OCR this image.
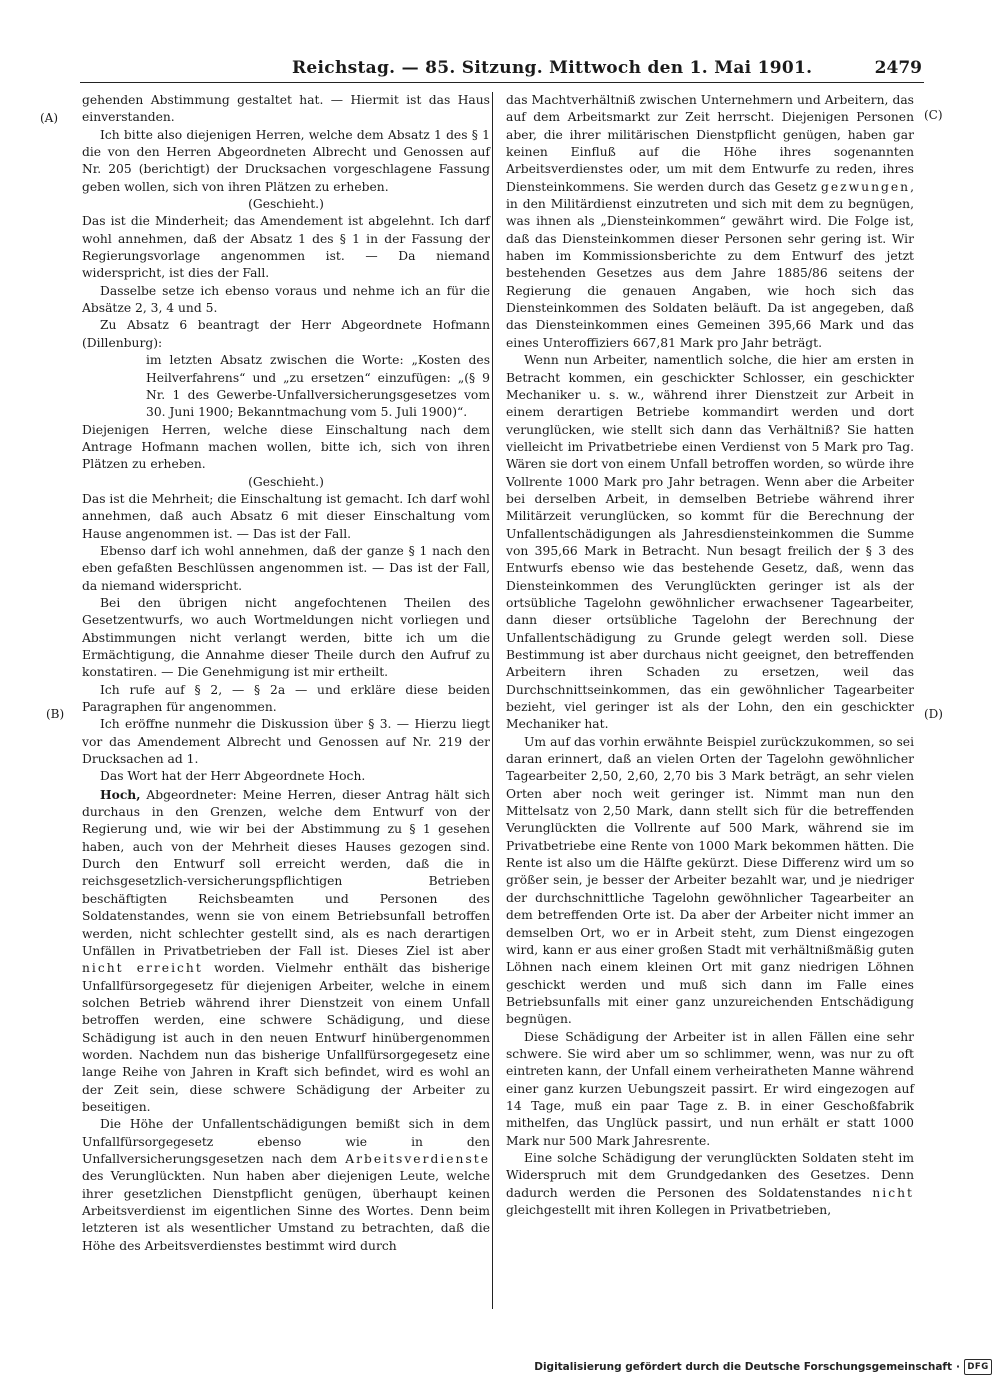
Reichstag. — 85. Sitzung. Mittwoch den 1. Mai 1901.	2479
(A)
(B)
(C)
(D)

gehenden Abstimmung gestaltet hat. — Hiermit ist das Haus einverstanden.

Ich bitte also diejenigen Herren, welche dem Absatz 1 des § 1 die von den Herren Abgeordneten Albrecht und Genossen auf Nr. 205 (berichtigt) der Drucksachen vorgeschlagene Fassung geben wollen, sich von ihren Plätzen zu erheben.

(Geschieht.)

Das ist die Minderheit; das Amendement ist abgelehnt. Ich darf wohl annehmen, daß der Absatz 1 des § 1 in der Fassung der Regierungsvorlage angenommen ist. — Da niemand widerspricht, ist dies der Fall.

Dasselbe setze ich ebenso voraus und nehme ich an für die Absätze 2, 3, 4 und 5.

Zu Absatz 6 beantragt der Herr Abgeordnete Hofmann (Dillenburg):

im letzten Absatz zwischen die Worte: „Kosten des Heilverfahrens“ und „zu ersetzen“ einzufügen: „(§ 9 Nr. 1 des Gewerbe-Unfallversicherungsgesetzes vom 30. Juni 1900; Bekanntmachung vom 5. Juli 1900)“.

Diejenigen Herren, welche diese Einschaltung nach dem Antrage Hofmann machen wollen, bitte ich, sich von ihren Plätzen zu erheben.

(Geschieht.)

Das ist die Mehrheit; die Einschaltung ist gemacht. Ich darf wohl annehmen, daß auch Absatz 6 mit dieser Einschaltung vom Hause angenommen ist. — Das ist der Fall.

Ebenso darf ich wohl annehmen, daß der ganze § 1 nach den eben gefaßten Beschlüssen angenommen ist. — Das ist der Fall, da niemand widerspricht.

Bei den übrigen nicht angefochtenen Theilen des Gesetzentwurfs, wo auch Wortmeldungen nicht vorliegen und Abstimmungen nicht verlangt werden, bitte ich um die Ermächtigung, die Annahme dieser Theile durch den Aufruf zu konstatiren. — Die Genehmigung ist mir ertheilt.

Ich rufe auf § 2, — § 2a — und erkläre diese beiden Paragraphen für angenommen.

Ich eröffne nunmehr die Diskussion über § 3. — Hierzu liegt vor das Amendement Albrecht und Genossen auf Nr. 219 der Drucksachen ad 1.

Das Wort hat der Herr Abgeordnete Hoch.

Hoch, Abgeordneter: Meine Herren, dieser Antrag hält sich durchaus in den Grenzen, welche dem Entwurf von der Regierung und, wie wir bei der Abstimmung zu § 1 gesehen haben, auch von der Mehrheit dieses Hauses gezogen sind. Durch den Entwurf soll erreicht werden, daß die in reichsgesetzlich-versicherungspflichtigen Betrieben beschäftigten Reichsbeamten und Personen des Soldatenstandes, wenn sie von einem Betriebsunfall betroffen werden, nicht schlechter gestellt sind, als es nach derartigen Unfällen in Privatbetrieben der Fall ist. Dieses Ziel ist aber nicht erreicht worden. Vielmehr enthält das bisherige Unfallfürsorgegesetz für diejenigen Arbeiter, welche in einem solchen Betrieb während ihrer Dienstzeit von einem Unfall betroffen werden, eine schwere Schädigung, und diese Schädigung ist auch in den neuen Entwurf hinübergenommen worden. Nachdem nun das bisherige Unfallfürsorgegesetz eine lange Reihe von Jahren in Kraft sich befindet, wird es wohl an der Zeit sein, diese schwere Schädigung der Arbeiter zu beseitigen.

Die Höhe der Unfallentschädigungen bemißt sich in dem Unfallfürsorgegesetz ebenso wie in den Unfallversicherungsgesetzen nach dem Arbeitsverdienste des Verunglückten. Nun haben aber diejenigen Leute, welche ihrer gesetzlichen Dienstpflicht genügen, überhaupt keinen Arbeitsverdienst im eigentlichen Sinne des Wortes. Denn beim letzteren ist als wesentlicher Umstand zu betrachten, daß die Höhe des Arbeitsverdienstes bestimmt wird durch

das Machtverhältniß zwischen Unternehmern und Arbeitern, das auf dem Arbeitsmarkt zur Zeit herrscht. Diejenigen Personen aber, die ihrer militärischen Dienstpflicht genügen, haben gar keinen Einfluß auf die Höhe ihres sogenannten Arbeitsverdienstes oder, um mit dem Entwurfe zu reden, ihres Diensteinkommens. Sie werden durch das Gesetz gezwungen, in den Militärdienst einzutreten und sich mit dem zu begnügen, was ihnen als „Diensteinkommen“ gewährt wird. Die Folge ist, daß das Diensteinkommen dieser Personen sehr gering ist. Wir haben im Kommissionsberichte zu dem Entwurf des jetzt bestehenden Gesetzes aus dem Jahre 1885/86 seitens der Regierung die genauen Angaben, wie hoch sich das Diensteinkommen des Soldaten beläuft. Da ist angegeben, daß das Diensteinkommen eines Gemeinen 395,66 Mark und das eines Unteroffiziers 667,81 Mark pro Jahr beträgt.

Wenn nun Arbeiter, namentlich solche, die hier am ersten in Betracht kommen, ein geschickter Schlosser, ein geschickter Mechaniker u. s. w., während ihrer Dienstzeit zur Arbeit in einem derartigen Betriebe kommandirt werden und dort verunglücken, wie stellt sich dann das Verhältniß? Sie hatten vielleicht im Privatbetriebe einen Verdienst von 5 Mark pro Tag. Wären sie dort von einem Unfall betroffen worden, so würde ihre Vollrente 1000 Mark pro Jahr betragen. Wenn aber die Arbeiter bei derselben Arbeit, in demselben Betriebe während ihrer Militärzeit verunglücken, so kommt für die Berechnung der Unfallentschädigungen als Jahresdiensteinkommen die Summe von 395,66 Mark in Betracht. Nun besagt freilich der § 3 des Entwurfs ebenso wie das bestehende Gesetz, daß, wenn das Diensteinkommen des Verunglückten geringer ist als der ortsübliche Tagelohn gewöhnlicher erwachsener Tagearbeiter, dann dieser ortsübliche Tagelohn der Berechnung der Unfallentschädigung zu Grunde gelegt werden soll. Diese Bestimmung ist aber durchaus nicht geeignet, den betreffenden Arbeitern ihren Schaden zu ersetzen, weil das Durchschnittseinkommen, das ein gewöhnlicher Tagearbeiter bezieht, viel geringer ist als der Lohn, den ein geschickter Mechaniker hat.

Um auf das vorhin erwähnte Beispiel zurückzukommen, so sei daran erinnert, daß an vielen Orten der Tagelohn gewöhnlicher Tagearbeiter 2,50, 2,60, 2,70 bis 3 Mark beträgt, an sehr vielen Orten aber noch weit geringer ist. Nimmt man nun den Mittelsatz von 2,50 Mark, dann stellt sich für die betreffenden Verunglückten die Vollrente auf 500 Mark, während sie im Privatbetriebe eine Rente von 1000 Mark bekommen hätten. Die Rente ist also um die Hälfte gekürzt. Diese Differenz wird um so größer sein, je besser der Arbeiter bezahlt war, und je niedriger der durchschnittliche Tagelohn gewöhnlicher Tagearbeiter an dem betreffenden Orte ist. Da aber der Arbeiter nicht immer an demselben Ort, wo er in Arbeit steht, zum Dienst eingezogen wird, kann er aus einer großen Stadt mit verhältnißmäßig guten Löhnen nach einem kleinen Ort mit ganz niedrigen Löhnen geschickt werden und muß sich dann im Falle eines Betriebsunfalls mit einer ganz unzureichenden Entschädigung begnügen.

Diese Schädigung der Arbeiter ist in allen Fällen eine sehr schwere. Sie wird aber um so schlimmer, wenn, was nur zu oft eintreten kann, der Unfall einem verheiratheten Manne während einer ganz kurzen Uebungszeit passirt. Er wird eingezogen auf 14 Tage, muß ein paar Tage z. B. in einer Geschoßfabrik mithelfen, das Unglück passirt, und nun erhält er statt 1000 Mark nur 500 Mark Jahresrente.

Eine solche Schädigung der verunglückten Soldaten steht im Widerspruch mit dem Grundgedanken des Gesetzes. Denn dadurch werden die Personen des Soldatenstandes nicht gleichgestellt mit ihren Kollegen in Privatbetrieben,

Digitalisierung gefördert durch die Deutsche Forschungsgemeinschaft · DFG
